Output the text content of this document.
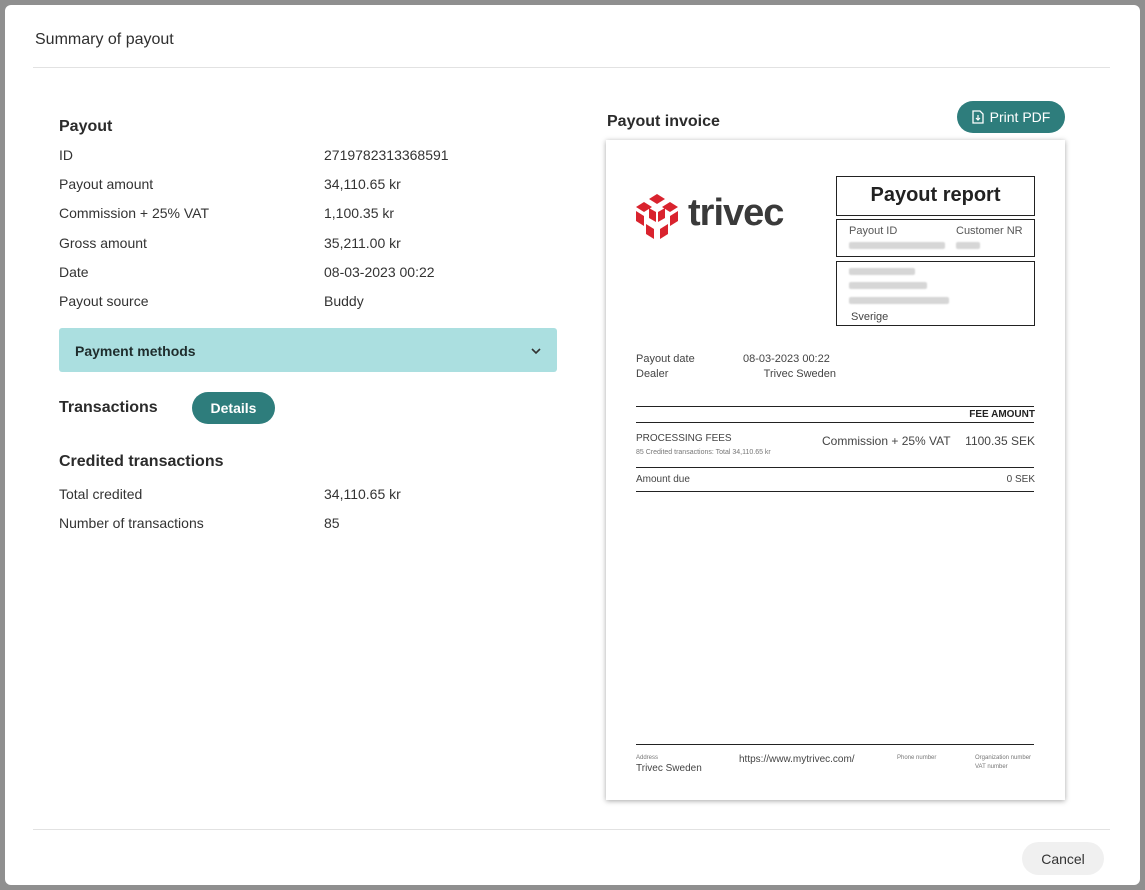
Summary of payout
Payout
ID	2719782313368591
Payout amount	34,110.65 kr
Commission + 25% VAT	1,100.35 kr
Gross amount	35,211.00 kr
Date	08-03-2023 00:22
Payout source	Buddy
Payment methods
Transactions	Details
Credited transactions
Total credited	34,110.65 kr
Number of transactions	85
Payout invoice	Print PDF
trivec	Payout report
Payout ID	Customer NR
Sverige
Payout date	08-03-2023 00:22
Dealer	Trivec Sweden
FEE AMOUNT
PROCESSING FEES
85 Credited transactions: Total 34,110.65 kr
Commission + 25% VAT 1100.35 SEK
Amount due	0 SEK
Address
Trivec Sweden
https://www.mytrivec.com/	Phone number	Organization number
VAT number
Cancel
